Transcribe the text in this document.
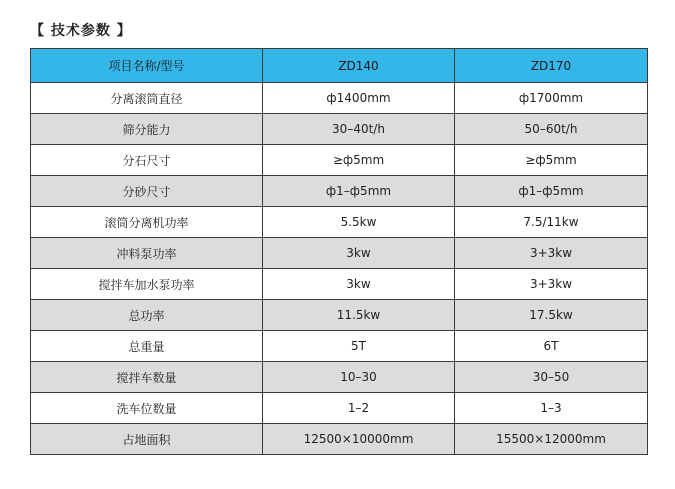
【 技术参数 】
项目名称/型号	ZD140	ZD170
分离滚筒直径	ф1400mm	ф1700mm
筛分能力	30–40t/h	50–60t/h
分石尺寸	≥ф5mm	≥ф5mm
分砂尺寸	ф1–ф5mm	ф1–ф5mm
滚筒分离机功率	5.5kw	7.5/11kw
冲料泵功率	3kw	3+3kw
搅拌车加水泵功率	3kw	3+3kw
总功率	11.5kw	17.5kw
总重量	5T	6T
搅拌车数量	10–30	30–50
洗车位数量	1–2	1–3
占地面积	12500×10000mm	15500×12000mm
